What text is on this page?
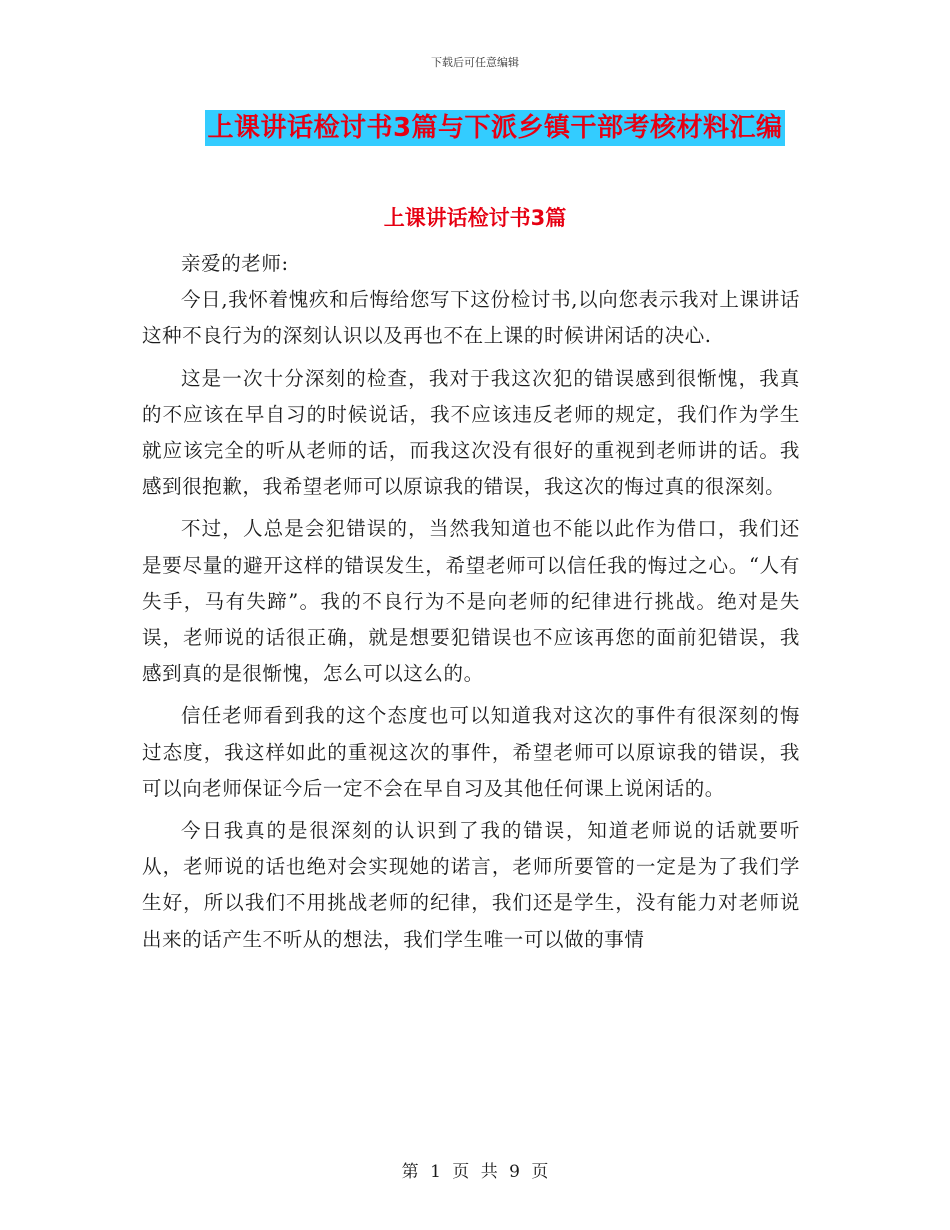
下载后可任意编辑
上课讲话检讨书3篇与下派乡镇干部考核材料汇编
上课讲话检讨书3篇

亲爱的老师:

今日,我怀着愧疚和后悔给您写下这份检讨书,以向您表示我对上课讲话这种不良行为的深刻认识以及再也不在上课的时候讲闲话的决心.

这是一次十分深刻的检查，我对于我这次犯的错误感到很惭愧，我真的不应该在早自习的时候说话，我不应该违反老师的规定，我们作为学生就应该完全的听从老师的话，而我这次没有很好的重视到老师讲的话。我感到很抱歉，我希望老师可以原谅我的错误，我这次的悔过真的很深刻。

不过，人总是会犯错误的，当然我知道也不能以此作为借口，我们还是要尽量的避开这样的错误发生，希望老师可以信任我的悔过之心。“人有失手，马有失蹄”。我的不良行为不是向老师的纪律进行挑战。绝对是失误，老师说的话很正确，就是想要犯错误也不应该再您的面前犯错误，我感到真的是很惭愧，怎么可以这么的。

信任老师看到我的这个态度也可以知道我对这次的事件有很深刻的悔过态度，我这样如此的重视这次的事件，希望老师可以原谅我的错误，我可以向老师保证今后一定不会在早自习及其他任何课上说闲话的。

今日我真的是很深刻的认识到了我的错误，知道老师说的话就要听从，老师说的话也绝对会实现她的诺言，老师所要管的一定是为了我们学生好，所以我们不用挑战老师的纪律，我们还是学生，没有能力对老师说出来的话产生不听从的想法，我们学生唯一可以做的事情

第 1 页 共 9 页
